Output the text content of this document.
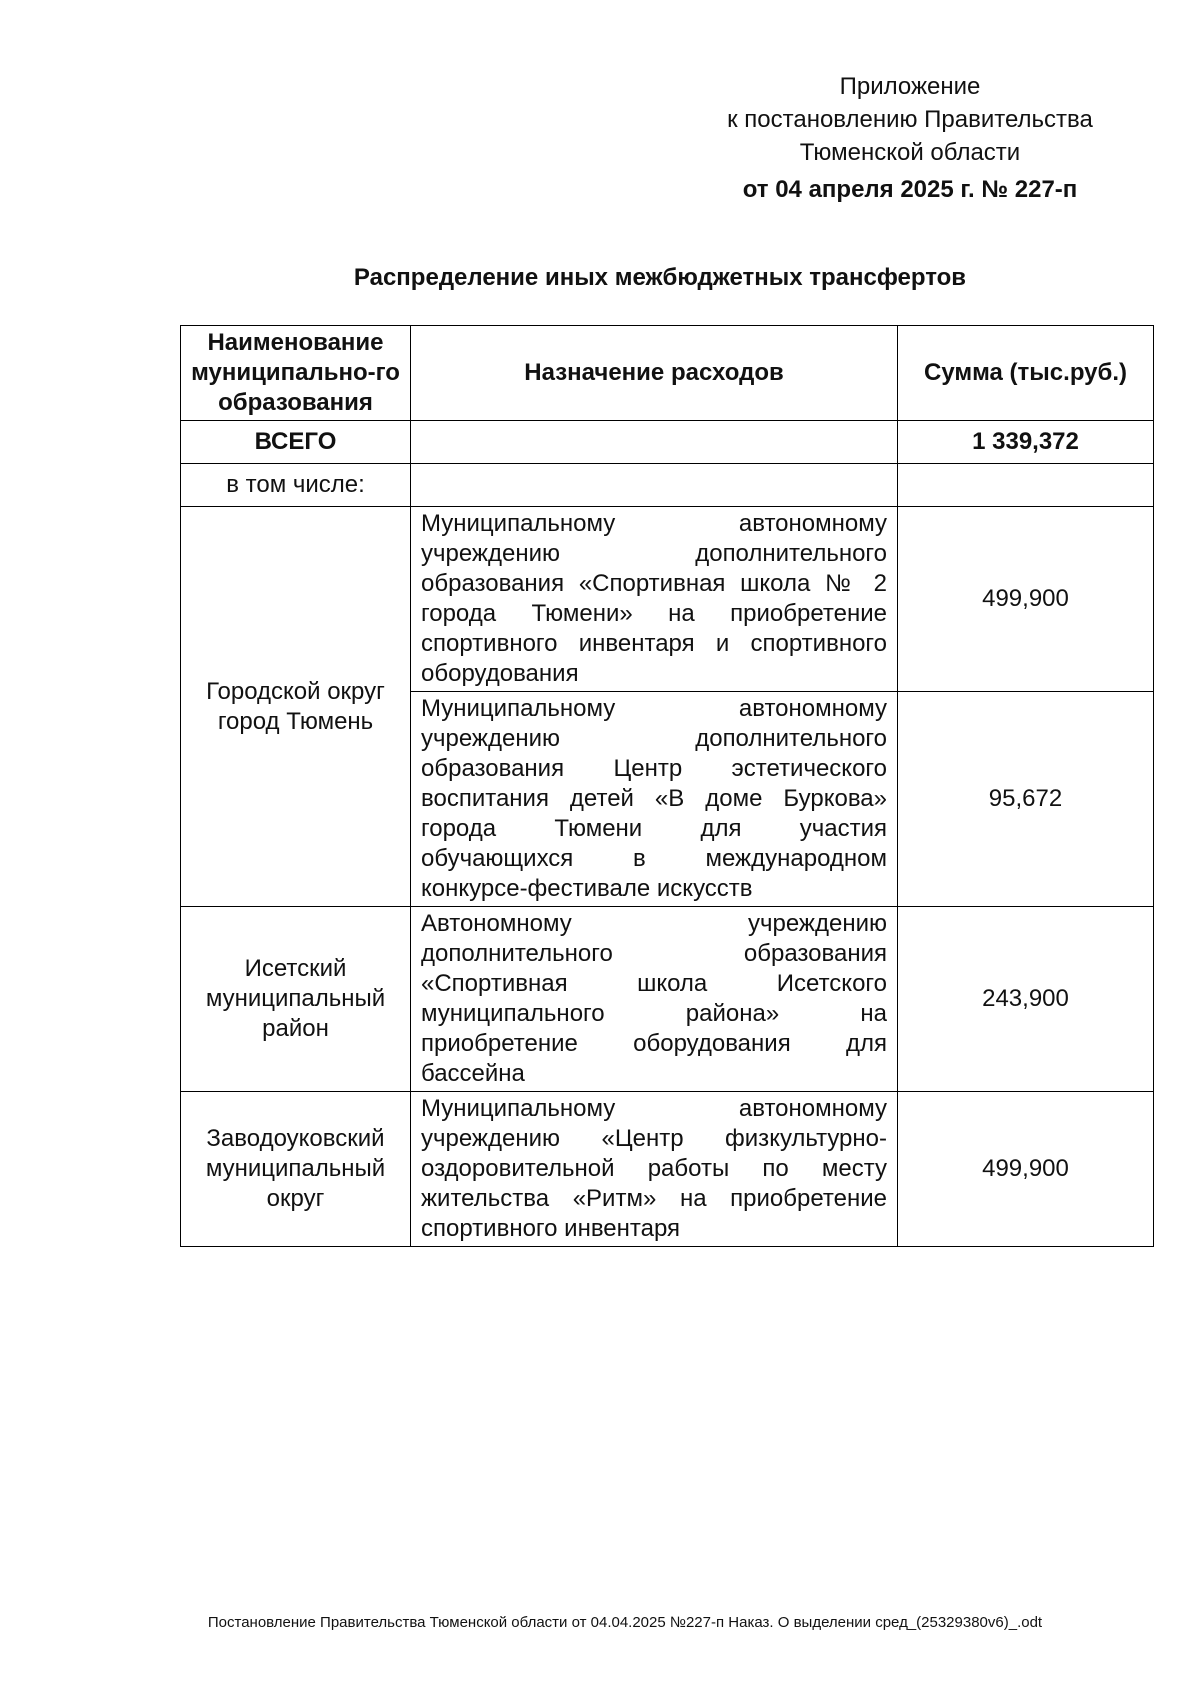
Приложение
к постановлению Правительства
Тюменской области
от 04 апреля 2025 г. № 227-п
Распределение иных межбюджетных трансфертов
Наименование муниципально-го образования	Назначение расходов	Сумма (тыс.руб.)
ВСЕГО		1 339,372
в том числе:		
Городской округ город Тюмень	Муниципальному автономному учреждению дополнительного образования «Спортивная школа № 2 города Тюмени» на приобретение спортивного инвентаря и спортивного оборудования	499,900
	Муниципальному автономному учреждению дополнительного образования Центр эстетического воспитания детей «В доме Буркова» города Тюмени для участия обучающихся в международном конкурсе-фестивале искусств	95,672
Исетский муниципальный район	Автономному учреждению дополнительного образования «Спортивная школа Исетского муниципального района» на приобретение оборудования для бассейна	243,900
Заводоуковский муниципальный округ	Муниципальному автономному учреждению «Центр физкультурно-оздоровительной работы по месту жительства «Ритм» на приобретение спортивного инвентаря	499,900
Постановление Правительства Тюменской области от 04.04.2025 №227-п Наказ. О выделении сред_(25329380v6)_.odt
